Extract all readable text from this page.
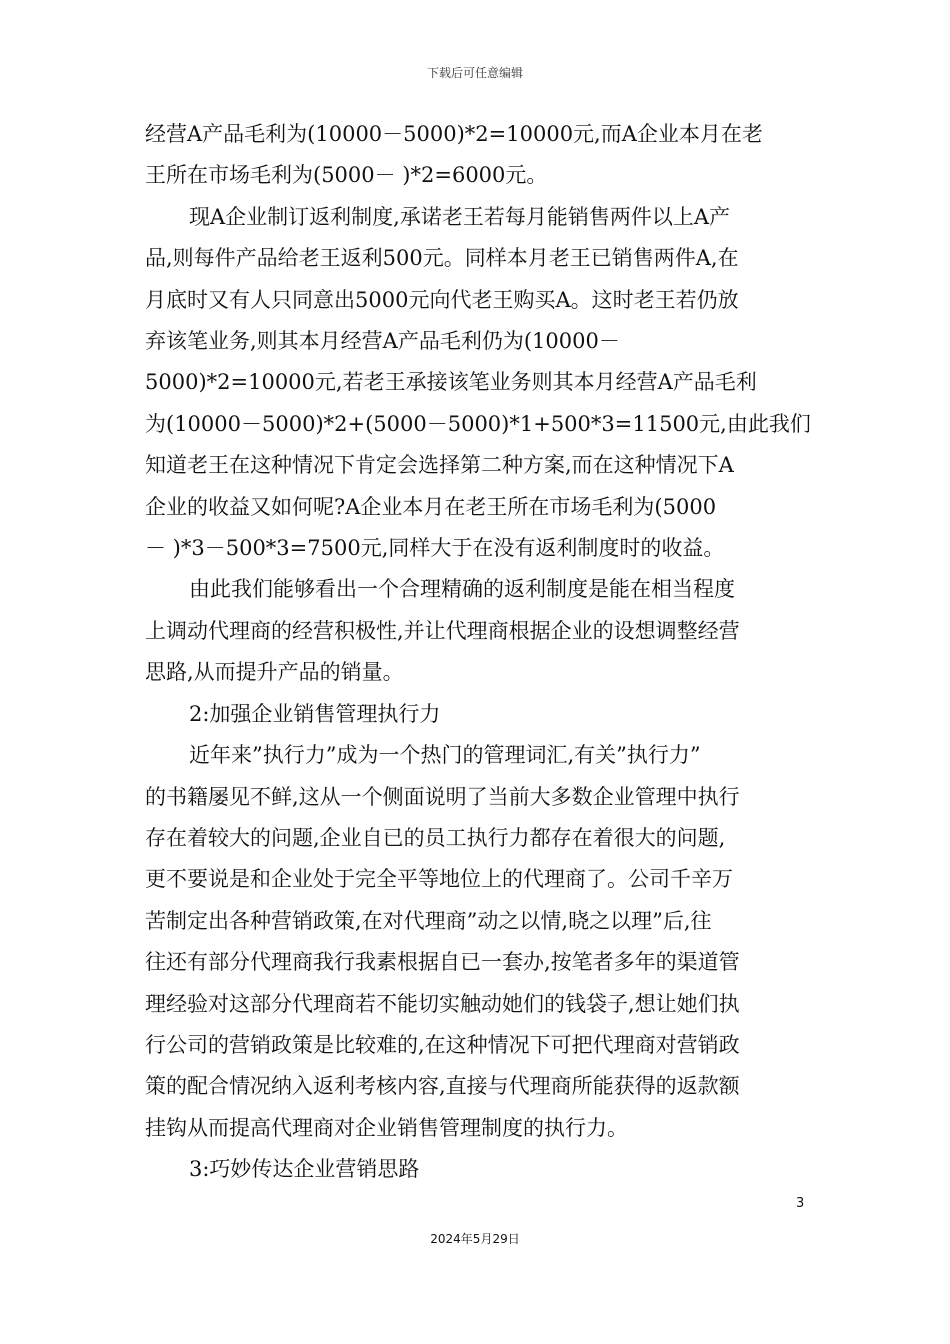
下载后可任意编辑

经营A产品毛利为(10000－5000)*2=10000元,而A企业本月在老
王所在市场毛利为(5000－ )*2=6000元。

现A企业制订返利制度,承诺老王若每月能销售两件以上A产
品,则每件产品给老王返利500元。同样本月老王已销售两件A,在
月底时又有人只同意出5000元向代老王购买A。这时老王若仍放
弃该笔业务,则其本月经营A产品毛利仍为(10000－
5000)*2=10000元,若老王承接该笔业务则其本月经营A产品毛利
为(10000－5000)*2+(5000－5000)*1+500*3=11500元,由此我们
知道老王在这种情况下肯定会选择第二种方案,而在这种情况下A
企业的收益又如何呢?A企业本月在老王所在市场毛利为(5000
－ )*3－500*3=7500元,同样大于在没有返利制度时的收益。

由此我们能够看出一个合理精确的返利制度是能在相当程度
上调动代理商的经营积极性,并让代理商根据企业的设想调整经营
思路,从而提升产品的销量。

2:加强企业销售管理执行力

近年来”执行力”成为一个热门的管理词汇,有关”执行力”
的书籍屡见不鲜,这从一个侧面说明了当前大多数企业管理中执行
存在着较大的问题,企业自已的员工执行力都存在着很大的问题,
更不要说是和企业处于完全平等地位上的代理商了。公司千辛万
苦制定出各种营销政策,在对代理商”动之以情,晓之以理”后,往
往还有部分代理商我行我素根据自已一套办,按笔者多年的渠道管
理经验对这部分代理商若不能切实触动她们的钱袋子,想让她们执
行公司的营销政策是比较难的,在这种情况下可把代理商对营销政
策的配合情况纳入返利考核内容,直接与代理商所能获得的返款额
挂钩从而提高代理商对企业销售管理制度的执行力。

3:巧妙传达企业营销思路

3
2024年5月29日
